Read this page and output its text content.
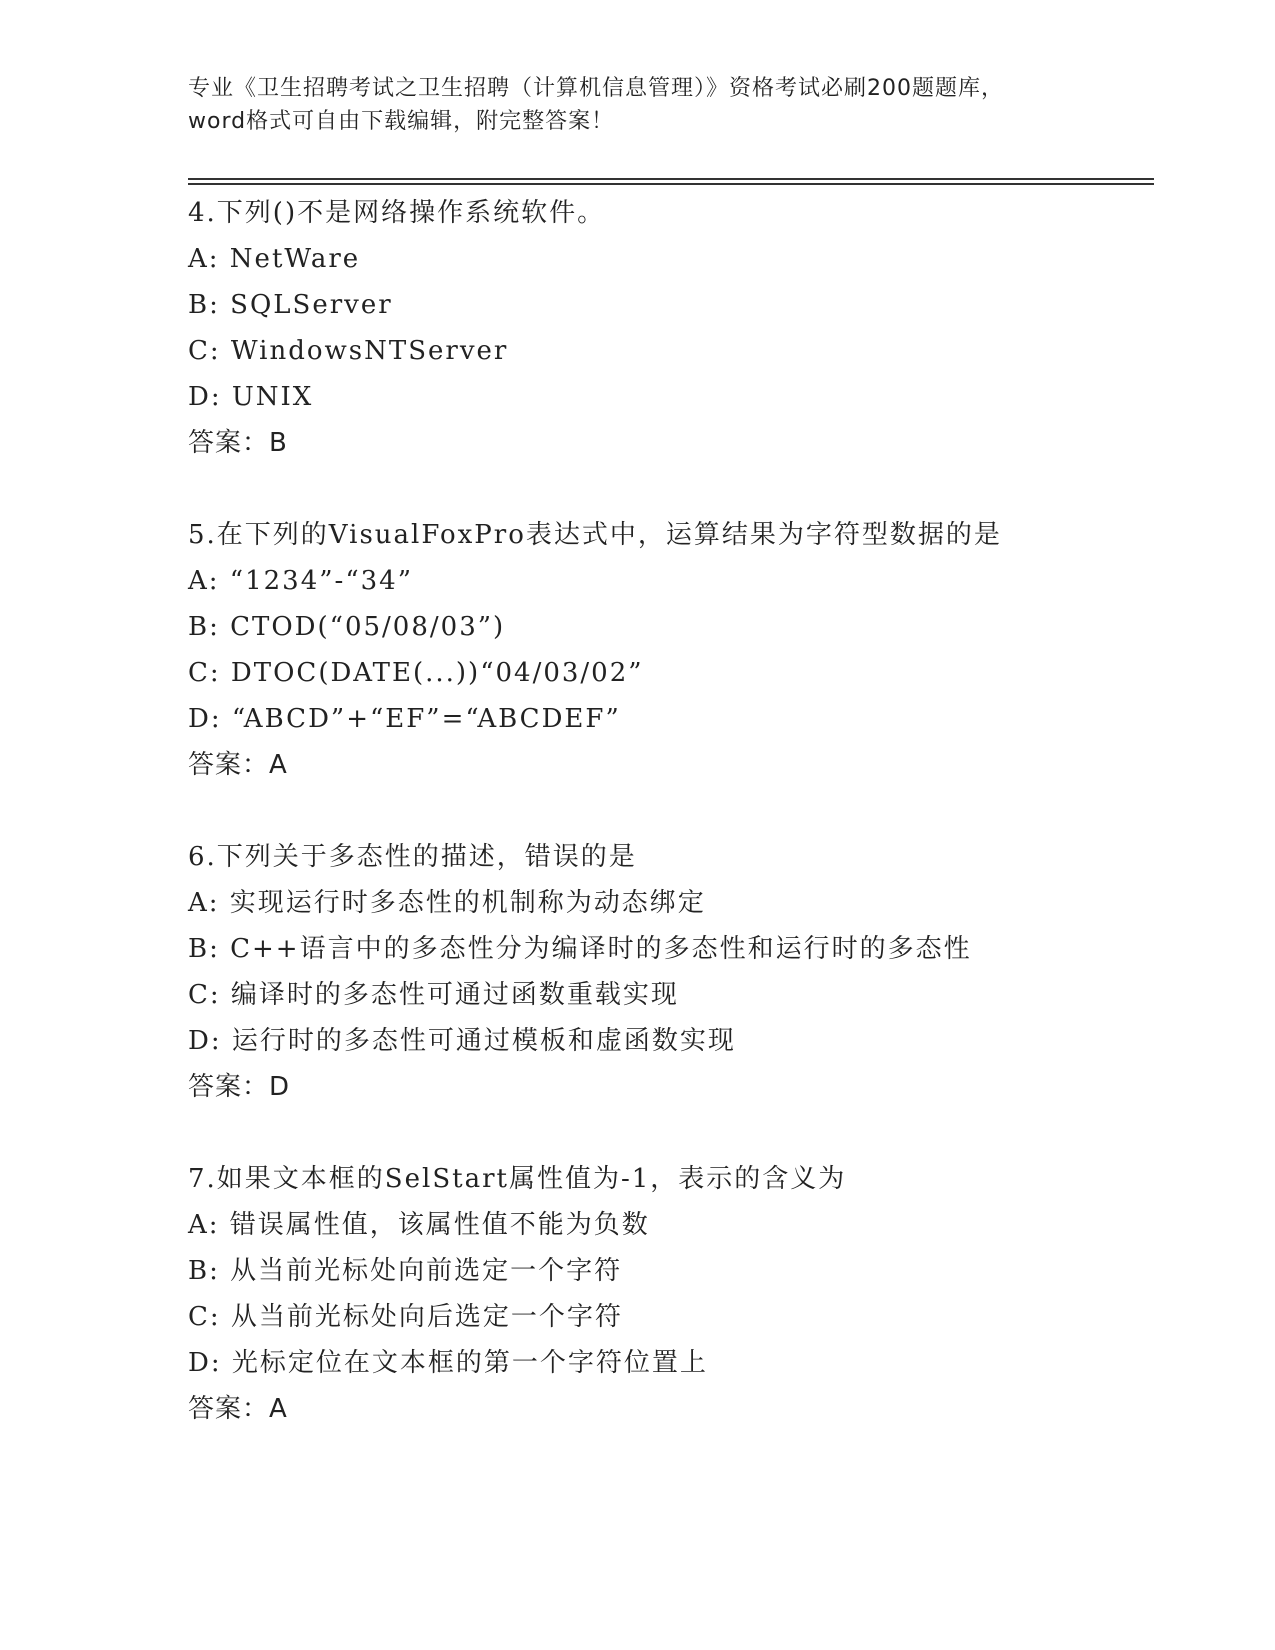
专业《卫生招聘考试之卫生招聘（计算机信息管理）》资格考试必刷200题题库，
word格式可自由下载编辑，附完整答案！
4.下列()不是网络操作系统软件。
A: NetWare
B: SQLServer
C: WindowsNTServer
D: UNIX
答案：B
5.在下列的VisualFoxPro表达式中，运算结果为字符型数据的是
A: “1234”-“34”
B: CTOD(“05/08/03”)
C: DTOC(DATE(...))“04/03/02”
D: “ABCD”+“EF”=“ABCDEF”
答案：A
6.下列关于多态性的描述，错误的是
A: 实现运行时多态性的机制称为动态绑定
B: C++语言中的多态性分为编译时的多态性和运行时的多态性
C: 编译时的多态性可通过函数重载实现
D: 运行时的多态性可通过模板和虚函数实现
答案：D
7.如果文本框的SelStart属性值为-1，表示的含义为
A: 错误属性值，该属性值不能为负数
B: 从当前光标处向前选定一个字符
C: 从当前光标处向后选定一个字符
D: 光标定位在文本框的第一个字符位置上
答案：A
